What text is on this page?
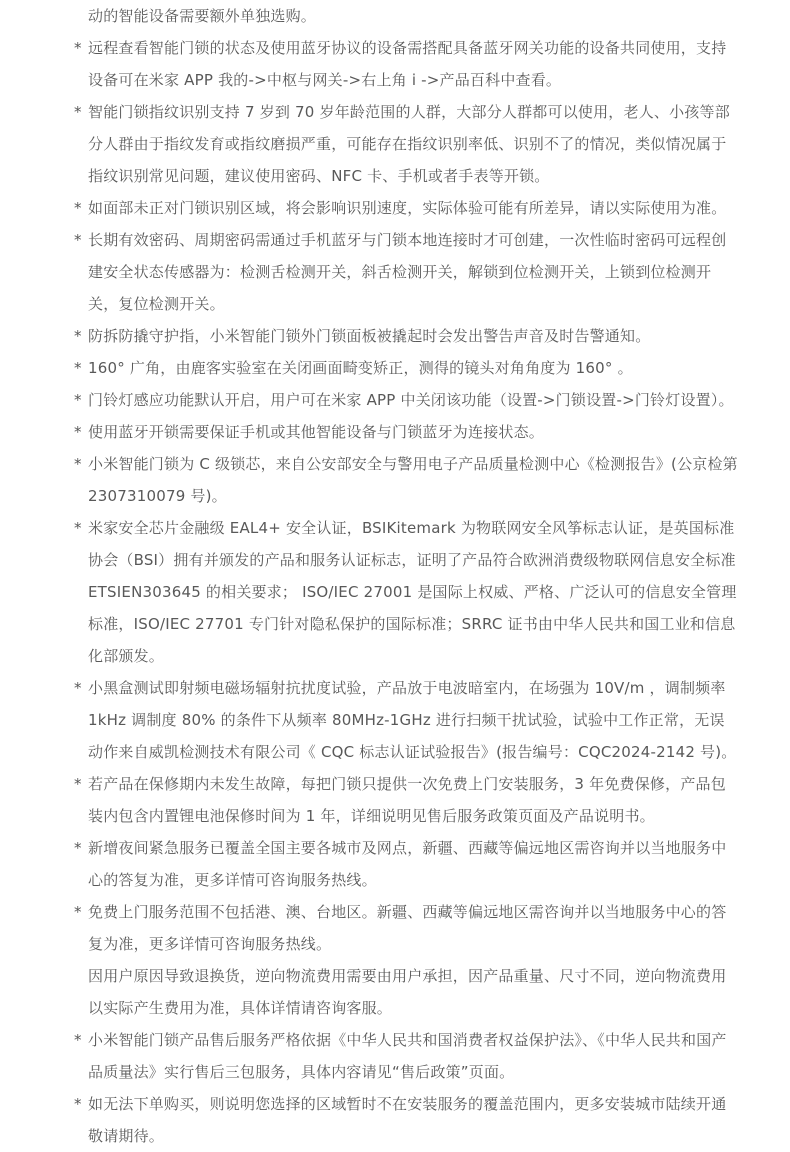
动的智能设备需要额外单独选购。

* 远程查看智能门锁的状态及使用蓝牙协议的设备需搭配具备蓝牙网关功能的设备共同使用，支持设备可在米家 APP 我的->中枢与网关->右上角 i ->产品百科中查看。

* 智能门锁指纹识别支持 7 岁到 70 岁年龄范围的人群，大部分人群都可以使用，老人、小孩等部分人群由于指纹发育或指纹磨损严重，可能存在指纹识别率低、识别不了的情况，类似情况属于指纹识别常见问题，建议使用密码、NFC 卡、手机或者手表等开锁。

* 如面部未正对门锁识别区域，将会影响识别速度，实际体验可能有所差异，请以实际使用为准。

* 长期有效密码、周期密码需通过手机蓝牙与门锁本地连接时才可创建，一次性临时密码可远程创建安全状态传感器为：检测舌检测开关，斜舌检测开关，解锁到位检测开关，上锁到位检测开关，复位检测开关。

* 防拆防撬守护指，小米智能门锁外门锁面板被撬起时会发出警告声音及时告警通知。

* 160° 广角，由鹿客实验室在关闭画面畸变矫正，测得的镜头对角角度为 160° 。

* 门铃灯感应功能默认开启，用户可在米家 APP 中关闭该功能（设置->门锁设置->门铃灯设置）。

* 使用蓝牙开锁需要保证手机或其他智能设备与门锁蓝牙为连接状态。

* 小米智能门锁为 C 级锁芯，来自公安部安全与警用电子产品质量检测中心《检测报告》(公京检第 2307310079 号)。

* 米家安全芯片金融级 EAL4+ 安全认证，BSIKitemark 为物联网安全风筝标志认证，是英国标准协会（BSI）拥有并颁发的产品和服务认证标志，证明了产品符合欧洲消费级物联网信息安全标准 ETSIEN303645 的相关要求； ISO/IEC 27001 是国际上权威、严格、广泛认可的信息安全管理标准，ISO/IEC 27701 专门针对隐私保护的国际标准；SRRC 证书由中华人民共和国工业和信息化部颁发。

* 小黑盒测试即射频电磁场辐射抗扰度试验，产品放于电波暗室内，在场强为 10V/m ，调制频率 1kHz 调制度 80% 的条件下从频率 80MHz-1GHz 进行扫频干扰试验，试验中工作正常，无误动作来自威凯检测技术有限公司《 CQC 标志认证试验报告》(报告编号：CQC2024-2142 号)。

* 若产品在保修期内未发生故障，每把门锁只提供一次免费上门安装服务，3 年免费保修，产品包装内包含内置锂电池保修时间为 1 年，详细说明见售后服务政策页面及产品说明书。

* 新增夜间紧急服务已覆盖全国主要各城市及网点，新疆、西藏等偏远地区需咨询并以当地服务中心的答复为准，更多详情可咨询服务热线。

* 免费上门服务范围不包括港、澳、台地区。新疆、西藏等偏远地区需咨询并以当地服务中心的答复为准，更多详情可咨询服务热线。

因用户原因导致退换货，逆向物流费用需要由用户承担，因产品重量、尺寸不同，逆向物流费用以实际产生费用为准，具体详情请咨询客服。

* 小米智能门锁产品售后服务严格依据《中华人民共和国消费者权益保护法》、《中华人民共和国产品质量法》实行售后三包服务，具体内容请见“售后政策”页面。

* 如无法下单购买，则说明您选择的区域暂时不在安装服务的覆盖范围内，更多安装城市陆续开通敬请期待。
